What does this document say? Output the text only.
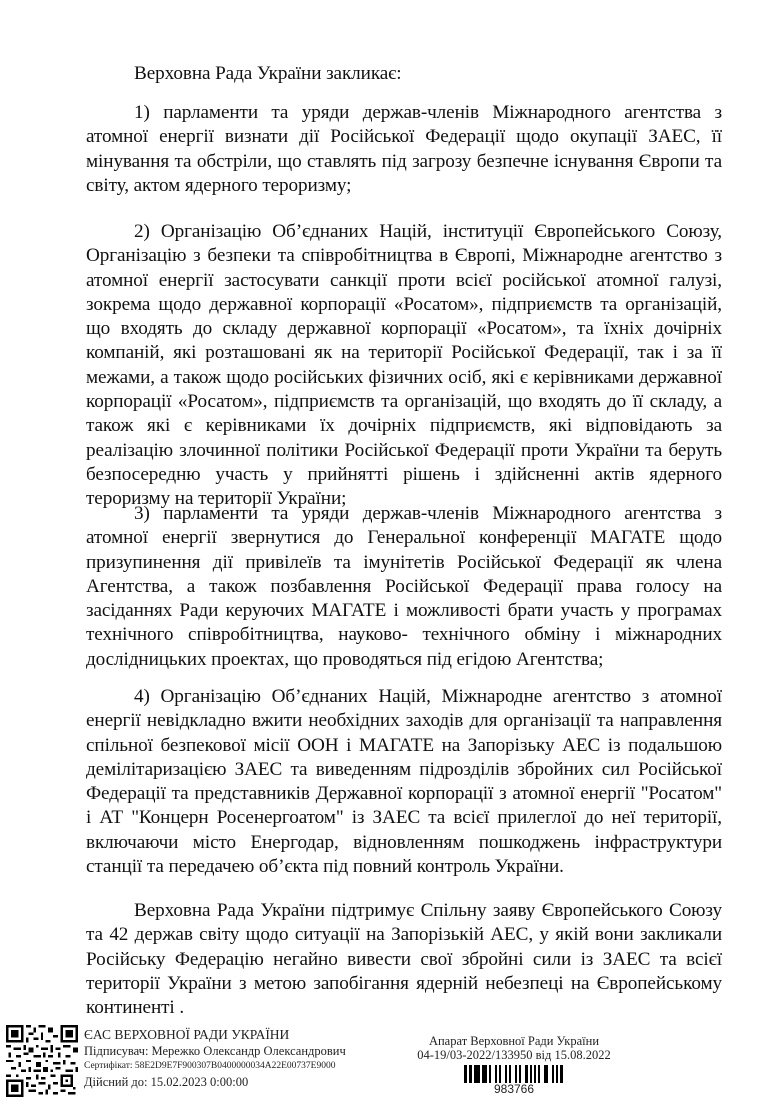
Верховна Рада України закликає:

1) парламенти та уряди держав-членів Міжнародного агентства з атомної енергії визнати дії Російської Федерації щодо окупації ЗАЕС, її мінування та обстріли, що ставлять під загрозу безпечне існування Європи та світу, актом ядерного тероризму;

2) Організацію Об’єднаних Націй, інституції Європейського Союзу, Організацію з безпеки та співробітництва в Європі, Міжнародне агентство з атомної енергії застосувати санкції проти всієї російської атомної галузі, зокрема щодо державної корпорації «Росатом», підприємств та організацій, що входять до складу державної корпорації «Росатом», та їхніх дочірніх компаній, які розташовані як на території Російської Федерації, так і за її межами, а також щодо російських фізичних осіб, які є керівниками державної корпорації «Росатом», підприємств та організацій, що входять до її складу, а також які є керівниками їх дочірніх підприємств, які відповідають за реалізацію злочинної політики Російської Федерації проти України та беруть безпосередню участь у прийнятті рішень і здійсненні актів ядерного тероризму на території України;

3) парламенти та уряди держав-членів Міжнародного агентства з атомної енергії звернутися до Генеральної конференції МАГАТЕ щодо призупинення дії привілеїв та імунітетів Російської Федерації як члена Агентства, а також позбавлення Російської Федерації права голосу на засіданнях Ради керуючих МАГАТЕ і можливості брати участь у програмах технічного співробітництва, науково- технічного обміну і міжнародних дослідницьких проектах, що проводяться під егідою Агентства;

4) Організацію Об’єднаних Націй, Міжнародне агентство з атомної енергії невідкладно вжити необхідних заходів для організації та направлення спільної безпекової місії ООН і МАГАТЕ на Запорізьку АЕС із подальшою демілітаризацією ЗАЕС та виведенням підрозділів збройних сил Російської Федерації та представників Державної корпорації з атомної енергії "Росатом" і АТ "Концерн Росенергоатом" із ЗАЕС та всієї прилеглої до неї території, включаючи місто Енергодар, відновленням пошкоджень інфраструктури станції та передачею об’єкта під повний контроль України.

Верховна Рада України підтримує Спільну заяву Європейського Союзу та 42 держав світу щодо ситуації на Запорізькій АЕС, у якій вони закликали Російську Федерацію негайно вивести свої збройні сили із ЗАЕС та всієї території України з метою запобігання ядерній небезпеці на Європейському континенті .

ЄАС ВЕРХОВНОЇ РАДИ УКРАЇНИ
Підписувач: Мережко Олександр Олександрович
Сертифікат: 58E2D9E7F900307B0400000034A22E00737E9000
Дійсний до: 15.02.2023 0:00:00
Апарат Верховної Ради України
04-19/03-2022/133950 від 15.08.2022
983766
